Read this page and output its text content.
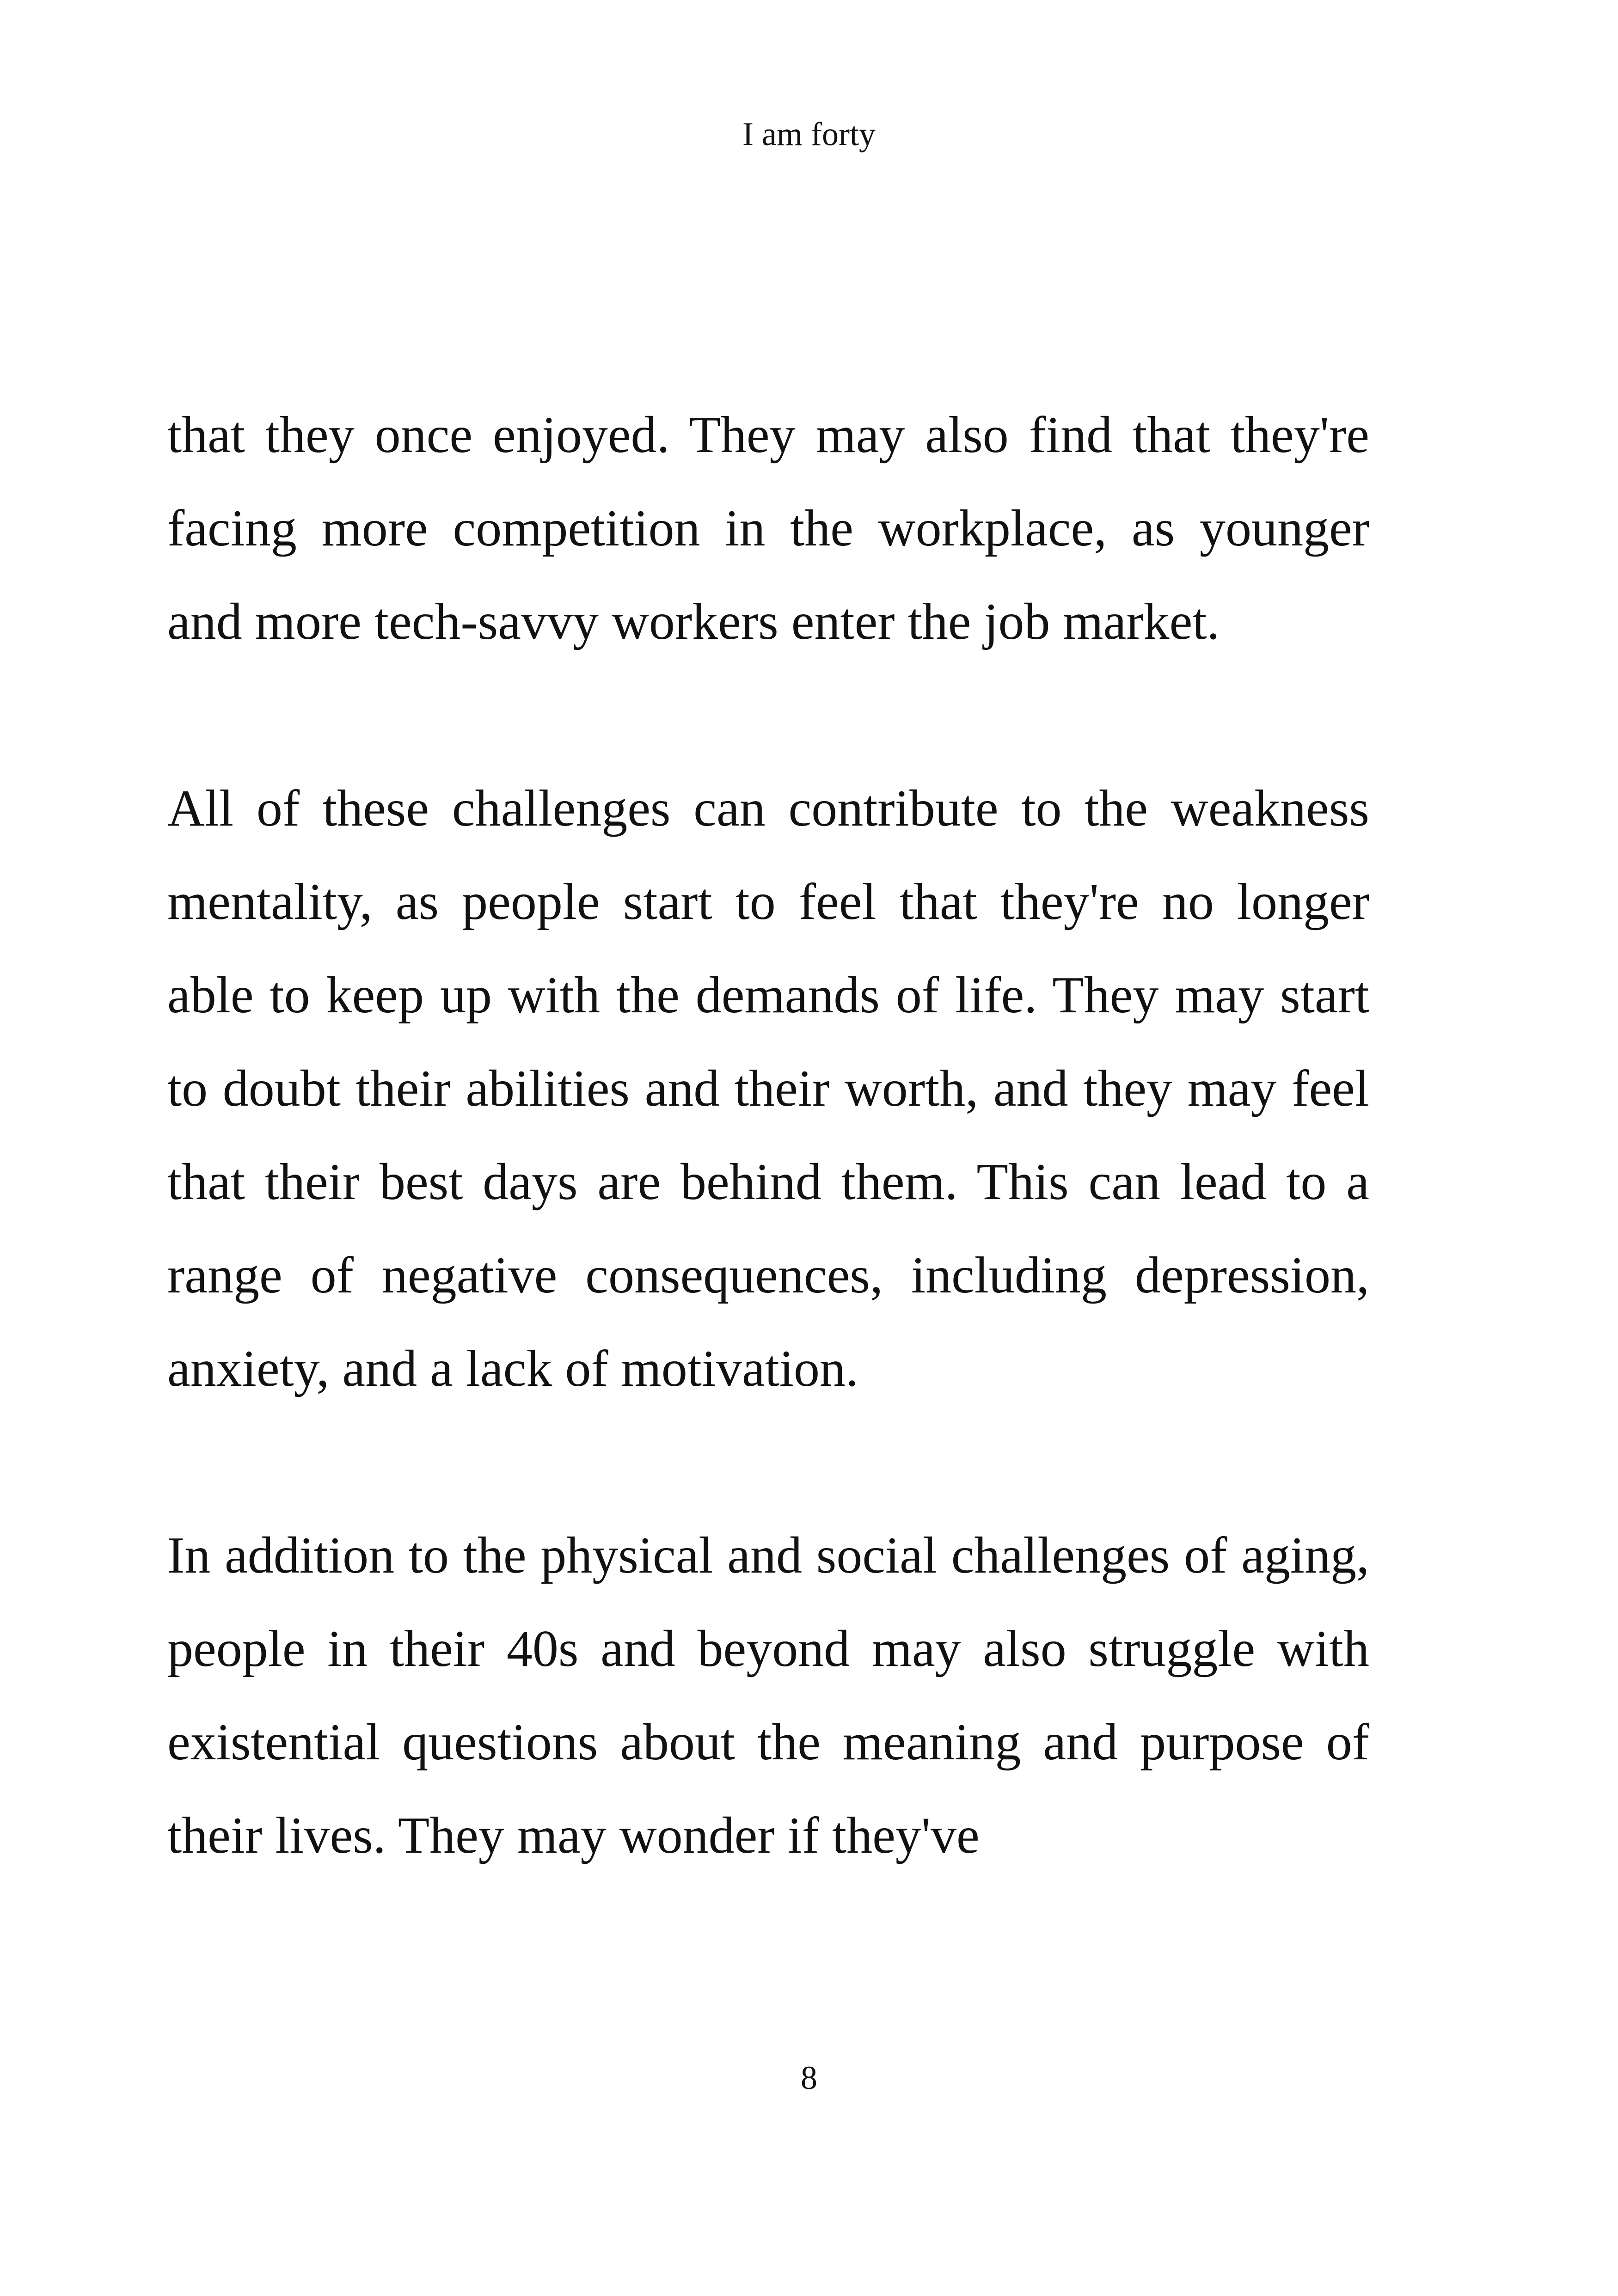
I am forty

that they once enjoyed. They may also find that they're facing more competition in the workplace, as younger and more tech-savvy workers enter the job market.

All of these challenges can contribute to the weakness mentality, as people start to feel that they're no longer able to keep up with the demands of life. They may start to doubt their abilities and their worth, and they may feel that their best days are behind them. This can lead to a range of negative consequences, including depression, anxiety, and a lack of motivation.

In addition to the physical and social challenges of aging, people in their 40s and beyond may also struggle with existential questions about the meaning and purpose of their lives. They may wonder if they've

8
